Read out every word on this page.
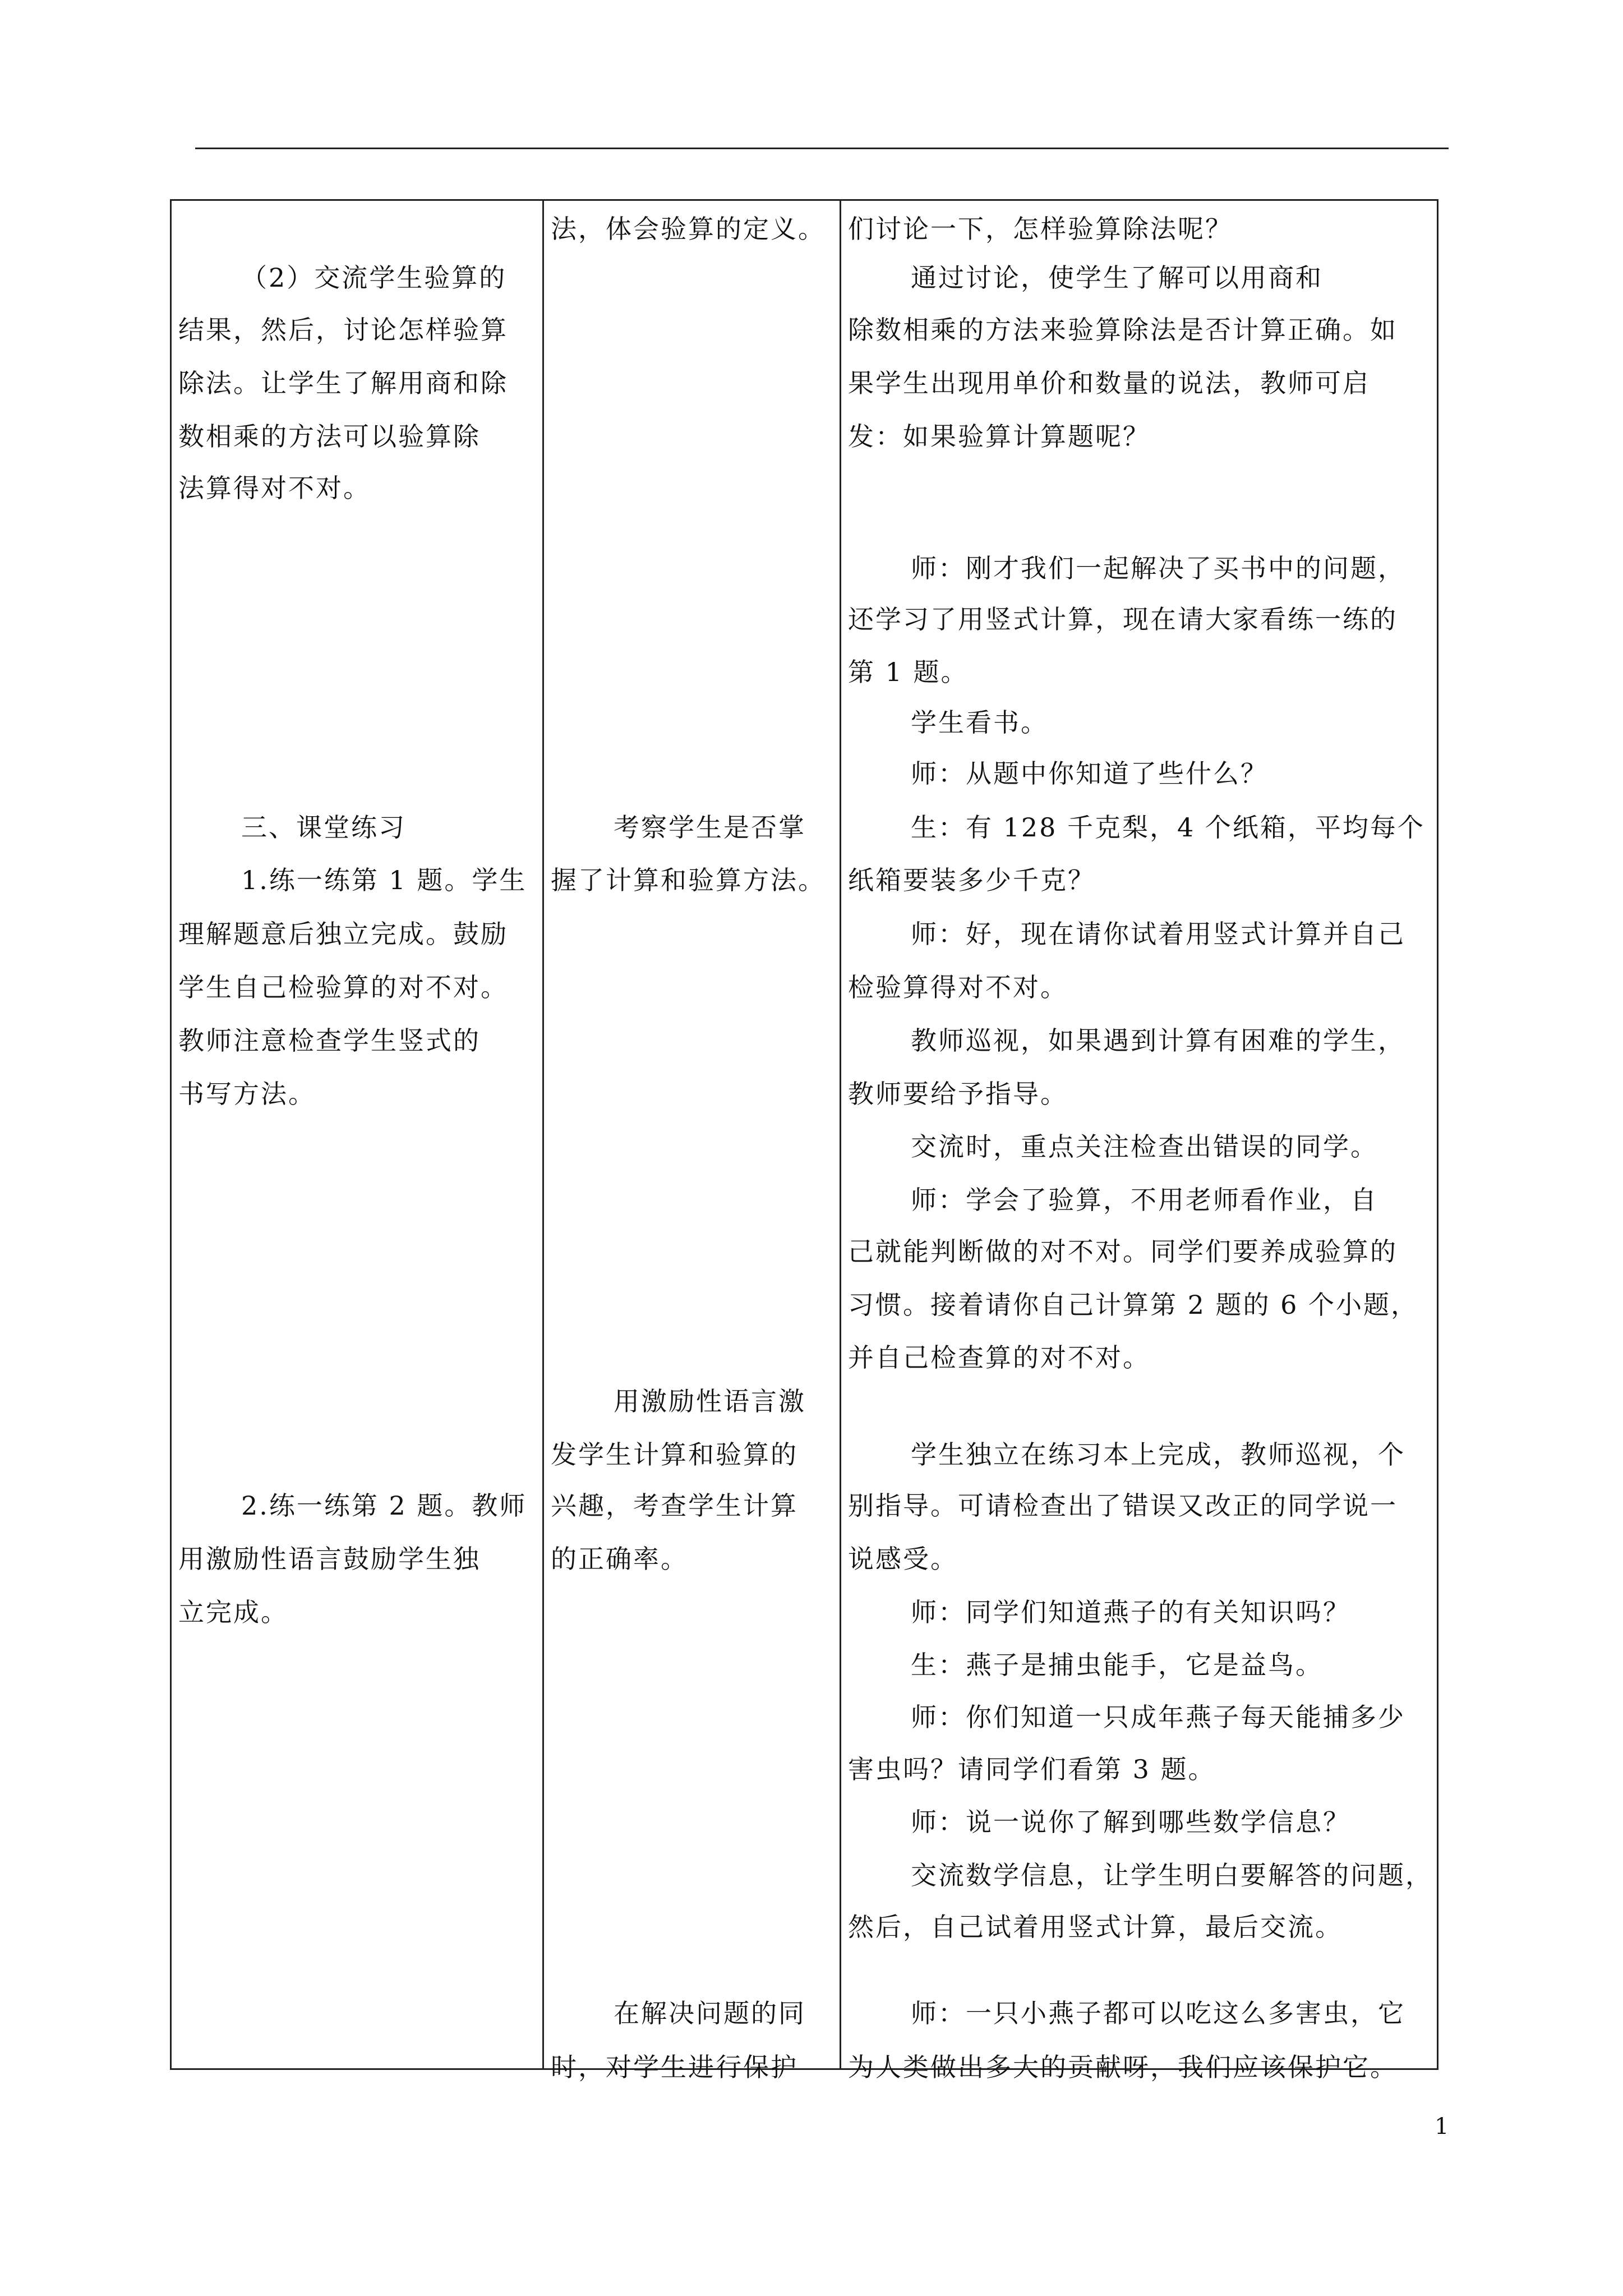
（2）交流学生验算的
结果，然后，讨论怎样验算
除法。让学生了解用商和除
数相乘的方法可以验算除
法算得对不对。
三、课堂练习
1.练一练第 1 题。学生
理解题意后独立完成。鼓励
学生自己检验算的对不对。
教师注意检查学生竖式的
书写方法。
2.练一练第 2 题。教师
用激励性语言鼓励学生独
立完成。
法，体会验算的定义。
考察学生是否掌
握了计算和验算方法。
用激励性语言激
发学生计算和验算的
兴趣，考查学生计算
的正确率。
在解决问题的同
时，对学生进行保护
们讨论一下，怎样验算除法呢？
通过讨论，使学生了解可以用商和
除数相乘的方法来验算除法是否计算正确。如
果学生出现用单价和数量的说法，教师可启
发：如果验算计算题呢？
师：刚才我们一起解决了买书中的问题，
还学习了用竖式计算，现在请大家看练一练的
第 1 题。
学生看书。
师：从题中你知道了些什么？
生：有 128 千克梨，4 个纸箱，平均每个
纸箱要装多少千克？
师：好，现在请你试着用竖式计算并自己
检验算得对不对。
教师巡视，如果遇到计算有困难的学生，
教师要给予指导。
交流时，重点关注检查出错误的同学。
师：学会了验算，不用老师看作业，自
己就能判断做的对不对。同学们要养成验算的
习惯。接着请你自己计算第 2 题的 6 个小题，
并自己检查算的对不对。
学生独立在练习本上完成，教师巡视，个
别指导。可请检查出了错误又改正的同学说一
说感受。
师：同学们知道燕子的有关知识吗？
生：燕子是捕虫能手，它是益鸟。
师：你们知道一只成年燕子每天能捕多少
害虫吗？请同学们看第 3 题。
师：说一说你了解到哪些数学信息？
交流数学信息，让学生明白要解答的问题，
然后，自己试着用竖式计算，最后交流。
师：一只小燕子都可以吃这么多害虫，它
为人类做出多大的贡献呀，我们应该保护它。
1
